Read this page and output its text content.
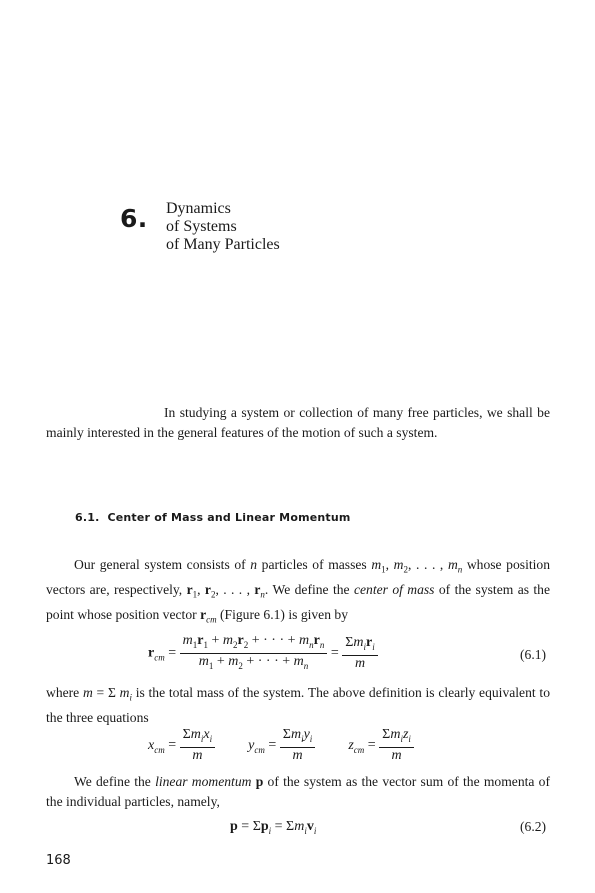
6. Dynamics
of Systems
of Many Particles
In studying a system or collection of many free particles, we shall be mainly interested in the general features of the motion of such a system.
6.1. Center of Mass and Linear Momentum
Our general system consists of n particles of masses $m_1$, $m_2$, . . . , $m_n$ whose position vectors are, respectively, $r_1$, $r_2$, . . . , $r_n$. We define the center of mass of the system as the point whose position vector $r_{cm}$ (Figure 6.1) is given by
$r_{cm} = \frac{m_1r_1 + m_2r_2 + \cdot \cdot \cdot + m_nr_n}{m_1 + m_2 + \cdot \cdot \cdot + m_n} = \frac{\Sigma m_ir_i}{m}$	(6.1)
where m = Σ $m_i$ is the total mass of the system. The above definition is clearly equivalent to the three equations
$x_{cm} = \frac{\Sigma m_ix_i}{m} y_{cm} = \frac{\Sigma m_iy_i}{m} z_{cm} = \frac{\Sigma m_iz_i}{m}$
We define the linear momentum p of the system as the vector sum of the momenta of the individual particles, namely,
$p = \Sigma p_i = \Sigma m_iv_i$	(6.2)
168
